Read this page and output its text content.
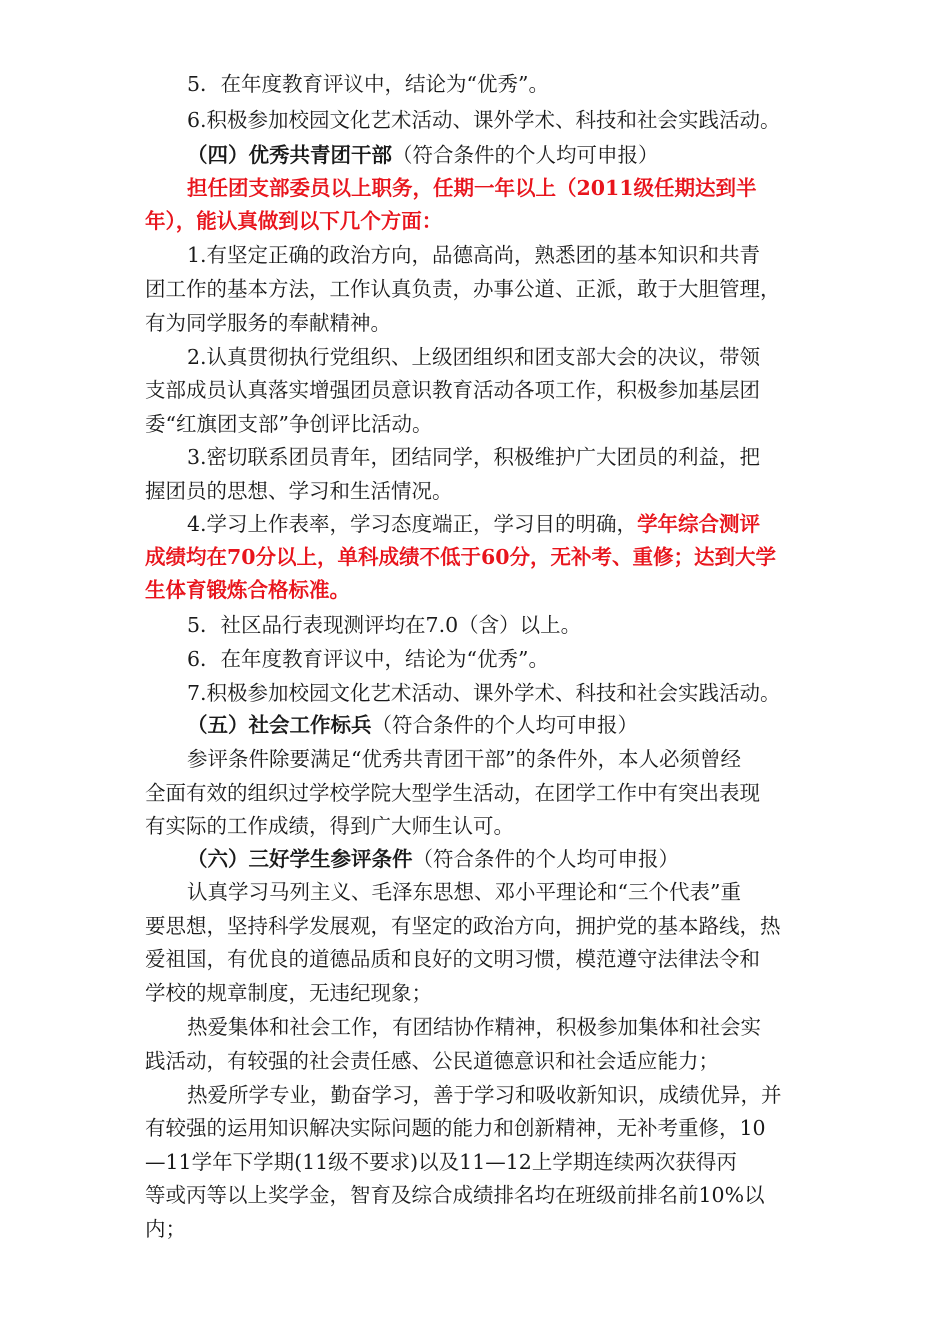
5．在年度教育评议中，结论为“优秀”。
6.积极参加校园文化艺术活动、课外学术、科技和社会实践活动。
（四）优秀共青团干部（符合条件的个人均可申报）
担任团支部委员以上职务，任期一年以上（2011级任期达到半
年），能认真做到以下几个方面：
1.有坚定正确的政治方向，品德高尚，熟悉团的基本知识和共青
团工作的基本方法，工作认真负责，办事公道、正派，敢于大胆管理，
有为同学服务的奉献精神。
2.认真贯彻执行党组织、上级团组织和团支部大会的决议，带领
支部成员认真落实增强团员意识教育活动各项工作，积极参加基层团
委“红旗团支部”争创评比活动。
3.密切联系团员青年，团结同学，积极维护广大团员的利益，把
握团员的思想、学习和生活情况。
4.学习上作表率，学习态度端正，学习目的明确，学年综合测评
成绩均在70分以上，单科成绩不低于60分，无补考、重修；达到大学
生体育锻炼合格标准。
5．社区品行表现测评均在7.0（含）以上。
6．在年度教育评议中，结论为“优秀”。
7.积极参加校园文化艺术活动、课外学术、科技和社会实践活动。
（五）社会工作标兵（符合条件的个人均可申报）
参评条件除要满足“优秀共青团干部”的条件外，本人必须曾经
全面有效的组织过学校学院大型学生活动，在团学工作中有突出表现
有实际的工作成绩，得到广大师生认可。
（六）三好学生参评条件（符合条件的个人均可申报）
认真学习马列主义、毛泽东思想、邓小平理论和“三个代表”重
要思想，坚持科学发展观，有坚定的政治方向，拥护党的基本路线，热
爱祖国，有优良的道德品质和良好的文明习惯，模范遵守法律法令和
学校的规章制度，无违纪现象；
热爱集体和社会工作，有团结协作精神，积极参加集体和社会实
践活动，有较强的社会责任感、公民道德意识和社会适应能力；
热爱所学专业，勤奋学习，善于学习和吸收新知识，成绩优异，并
有较强的运用知识解决实际问题的能力和创新精神，无补考重修，10
—11学年下学期(11级不要求)以及11—12上学期连续两次获得丙
等或丙等以上奖学金，智育及综合成绩排名均在班级前排名前10%以
内；
